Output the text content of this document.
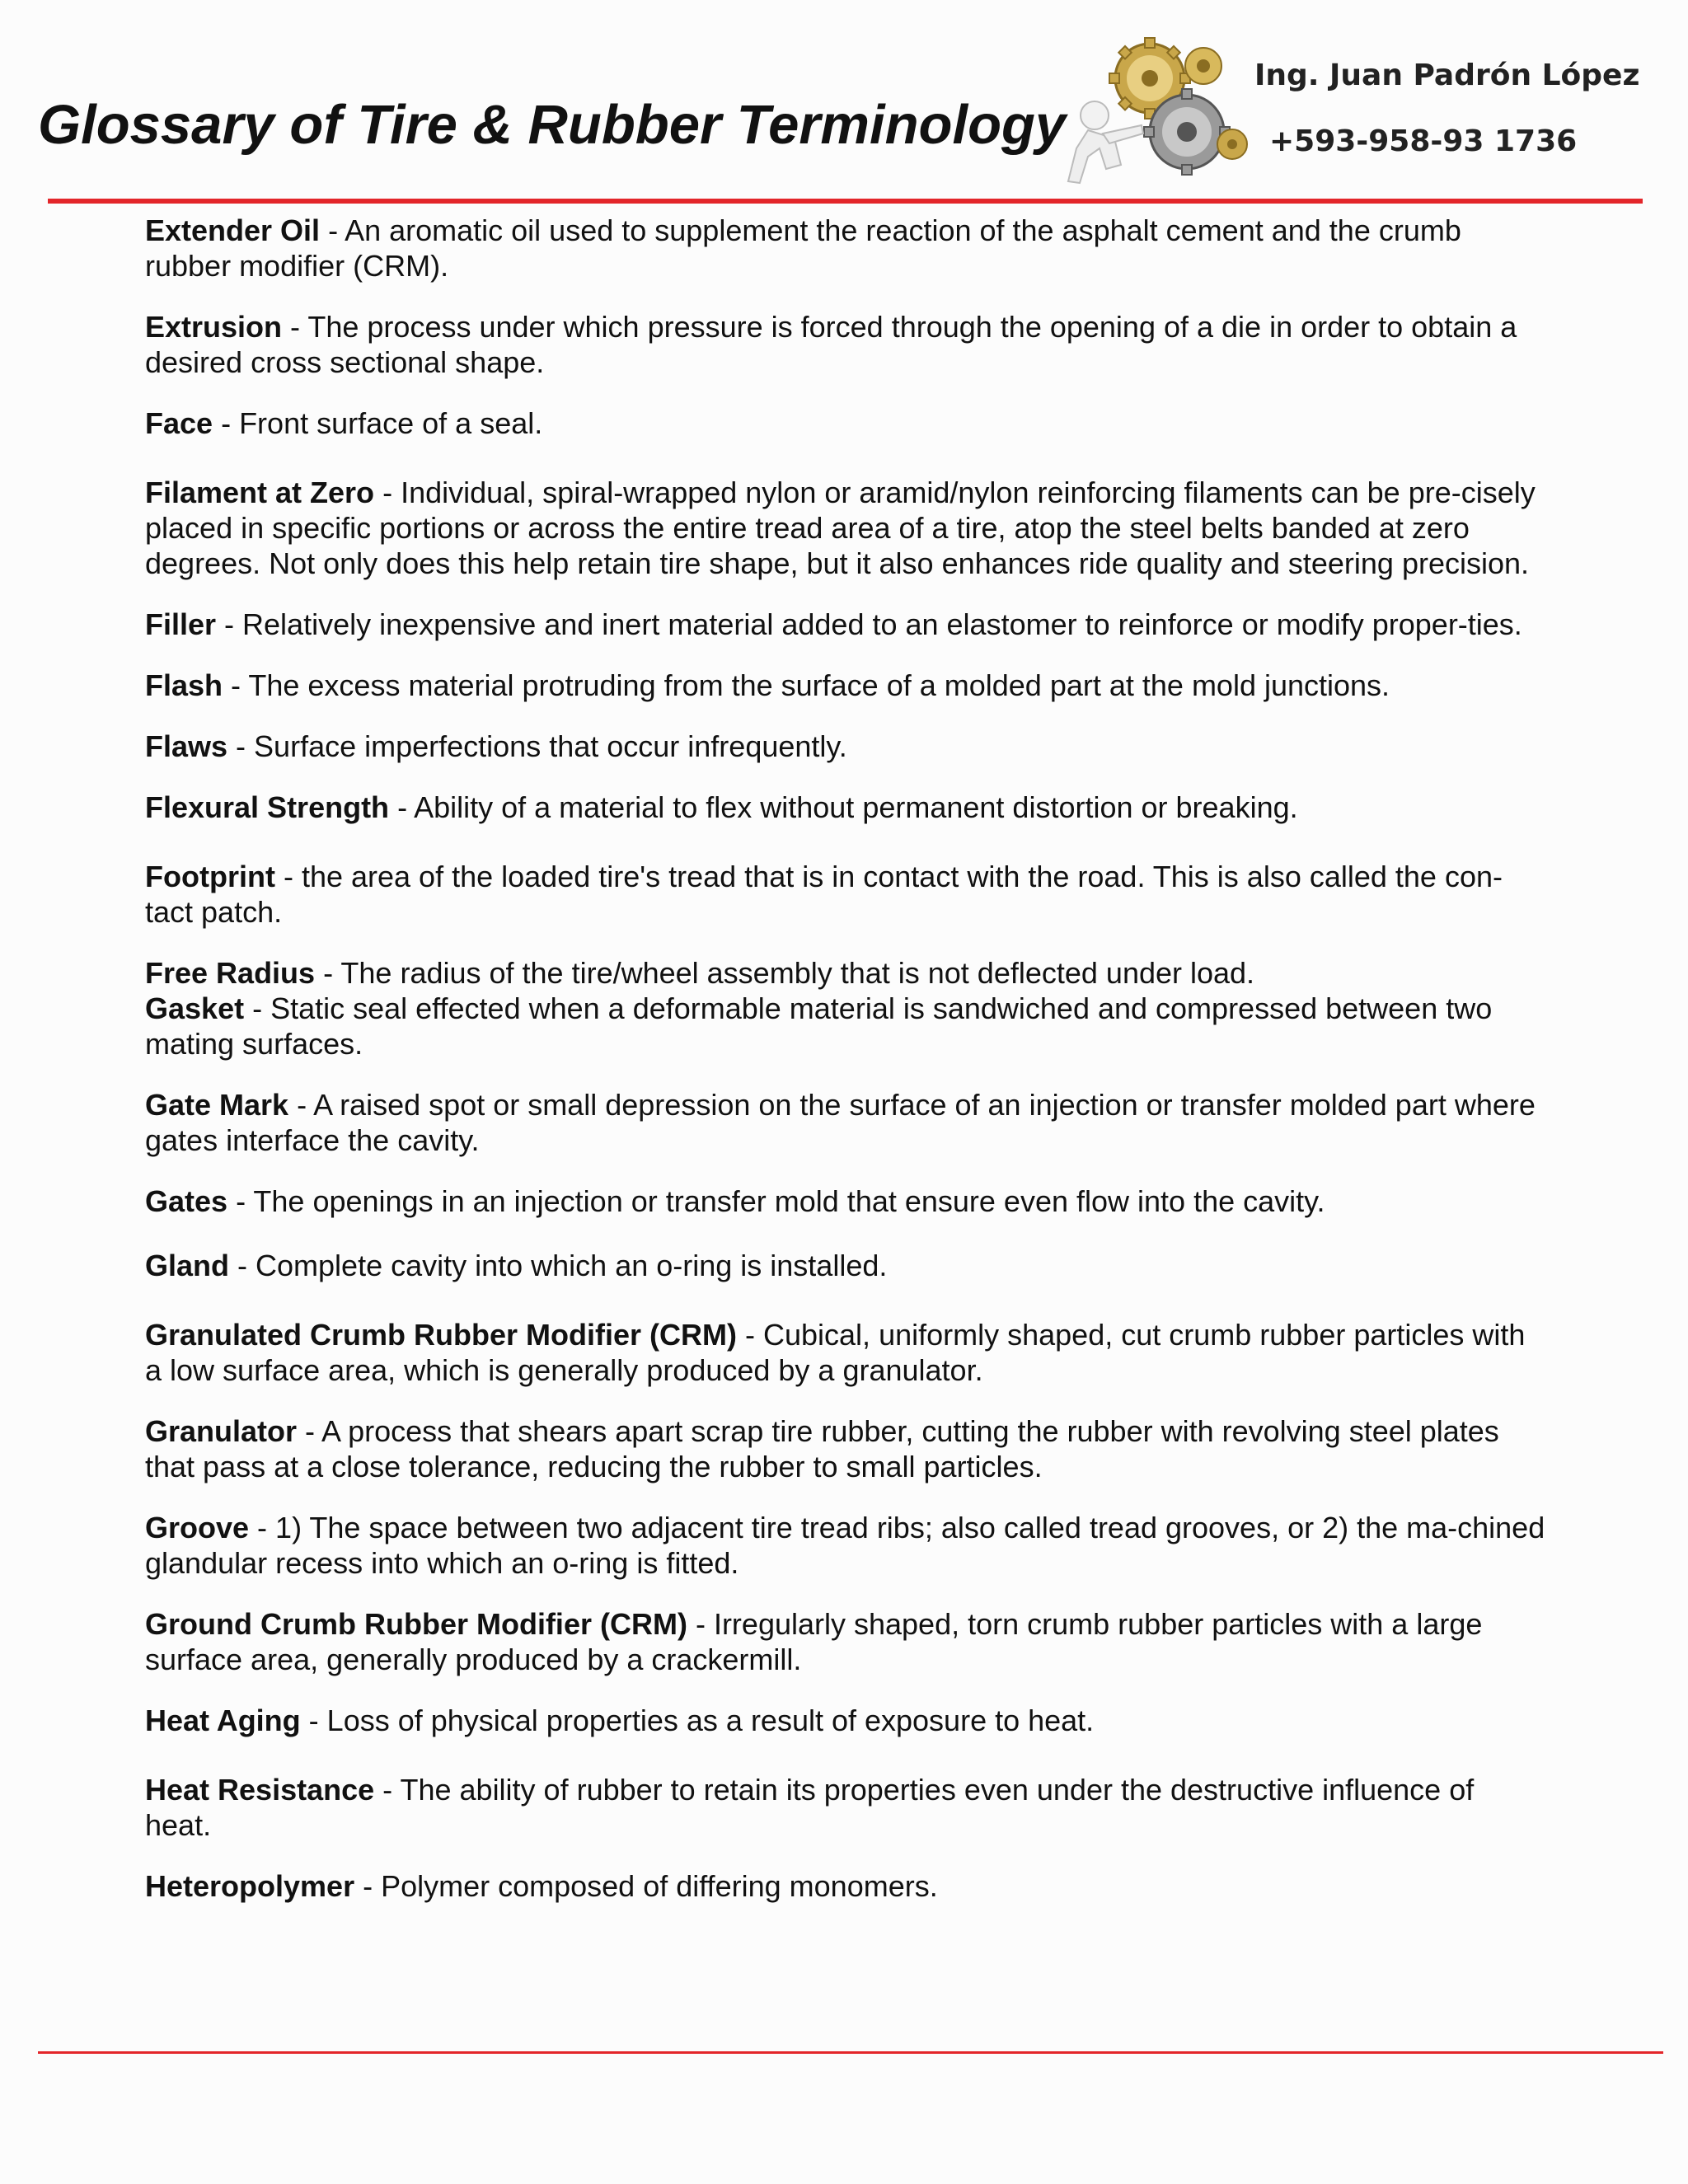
Glossary of Tire & Rubber Terminology
Ing. Juan Padrón López
+593-958-93 1736

Extender Oil - An aromatic oil used to supplement the reaction of the asphalt cement and the crumb rubber modifier (CRM).

Extrusion - The process under which pressure is forced through the opening of a die in order to obtain a desired cross sectional shape.

Face - Front surface of a seal.

Filament at Zero - Individual, spiral-wrapped nylon or aramid/nylon reinforcing filaments can be pre-cisely placed in specific portions or across the entire tread area of a tire, atop the steel belts banded at zero degrees. Not only does this help retain tire shape, but it also enhances ride quality and steering precision.

Filler - Relatively inexpensive and inert material added to an elastomer to reinforce or modify proper-ties.

Flash - The excess material protruding from the surface of a molded part at the mold junctions.

Flaws - Surface imperfections that occur infrequently.

Flexural Strength - Ability of a material to flex without permanent distortion or breaking.

Footprint - the area of the loaded tire's tread that is in contact with the road. This is also called the con-tact patch.

Free Radius - The radius of the tire/wheel assembly that is not deflected under load.

Gasket - Static seal effected when a deformable material is sandwiched and compressed between two mating surfaces.

Gate Mark - A raised spot or small depression on the surface of an injection or transfer molded part where gates interface the cavity.

Gates - The openings in an injection or transfer mold that ensure even flow into the cavity.

Gland - Complete cavity into which an o-ring is installed.

Granulated Crumb Rubber Modifier (CRM) - Cubical, uniformly shaped, cut crumb rubber particles with a low surface area, which is generally produced by a granulator.

Granulator - A process that shears apart scrap tire rubber, cutting the rubber with revolving steel plates that pass at a close tolerance, reducing the rubber to small particles.

Groove - 1) The space between two adjacent tire tread ribs; also called tread grooves, or 2) the ma-chined glandular recess into which an o-ring is fitted.

Ground Crumb Rubber Modifier (CRM) - Irregularly shaped, torn crumb rubber particles with a large surface area, generally produced by a crackermill.

Heat Aging - Loss of physical properties as a result of exposure to heat.

Heat Resistance - The ability of rubber to retain its properties even under the destructive influence of heat.

Heteropolymer - Polymer composed of differing monomers.
